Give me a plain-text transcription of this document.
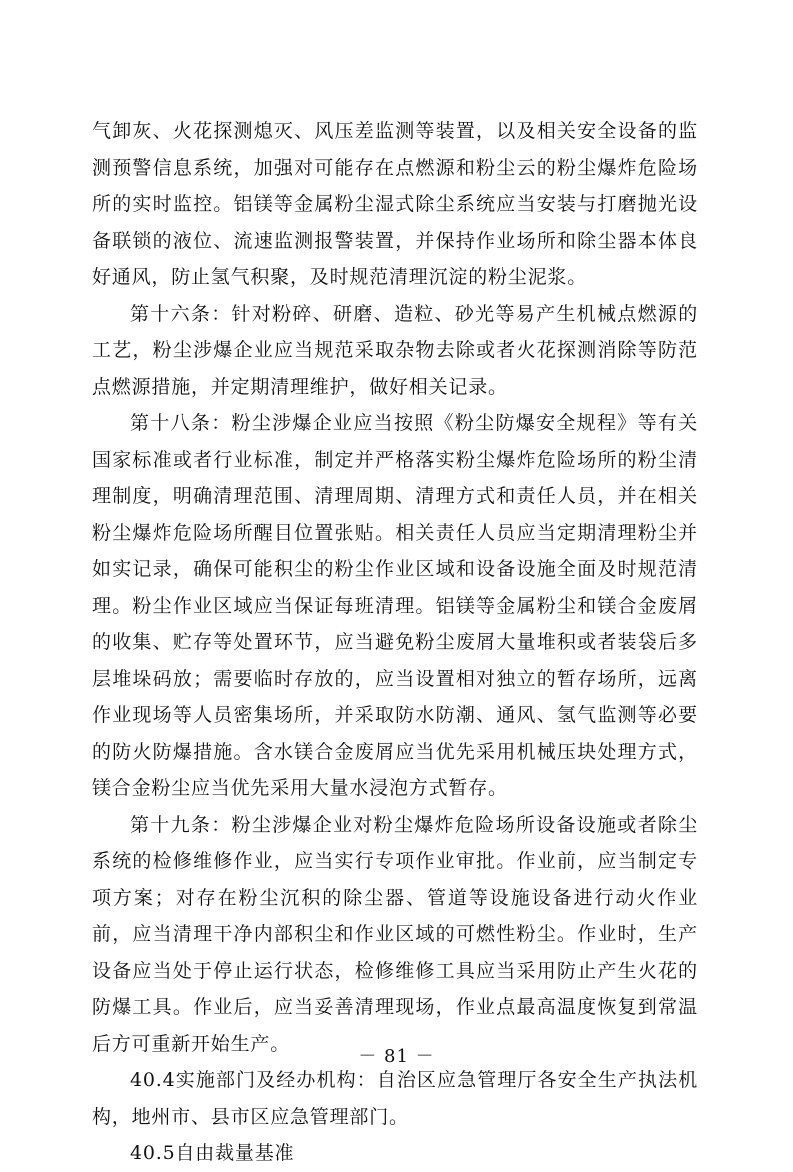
气卸灰、火花探测熄灭、风压差监测等装置，以及相关安全设备的监测预警信息系统，加强对可能存在点燃源和粉尘云的粉尘爆炸危险场所的实时监控。铝镁等金属粉尘湿式除尘系统应当安装与打磨抛光设备联锁的液位、流速监测报警装置，并保持作业场所和除尘器本体良好通风，防止氢气积聚，及时规范清理沉淀的粉尘泥浆。

第十六条：针对粉碎、研磨、造粒、砂光等易产生机械点燃源的工艺，粉尘涉爆企业应当规范采取杂物去除或者火花探测消除等防范点燃源措施，并定期清理维护，做好相关记录。

第十八条：粉尘涉爆企业应当按照《粉尘防爆安全规程》等有关国家标准或者行业标准，制定并严格落实粉尘爆炸危险场所的粉尘清理制度，明确清理范围、清理周期、清理方式和责任人员，并在相关粉尘爆炸危险场所醒目位置张贴。相关责任人员应当定期清理粉尘并如实记录，确保可能积尘的粉尘作业区域和设备设施全面及时规范清理。粉尘作业区域应当保证每班清理。铝镁等金属粉尘和镁合金废屑的收集、贮存等处置环节，应当避免粉尘废屑大量堆积或者装袋后多层堆垛码放；需要临时存放的，应当设置相对独立的暂存场所，远离作业现场等人员密集场所，并采取防水防潮、通风、氢气监测等必要的防火防爆措施。含水镁合金废屑应当优先采用机械压块处理方式，镁合金粉尘应当优先采用大量水浸泡方式暂存。

第十九条：粉尘涉爆企业对粉尘爆炸危险场所设备设施或者除尘系统的检修维修作业，应当实行专项作业审批。作业前，应当制定专项方案；对存在粉尘沉积的除尘器、管道等设施设备进行动火作业前，应当清理干净内部积尘和作业区域的可燃性粉尘。作业时，生产设备应当处于停止运行状态，检修维修工具应当采用防止产生火花的防爆工具。作业后，应当妥善清理现场，作业点最高温度恢复到常温后方可重新开始生产。

40.4实施部门及经办机构：自治区应急管理厅各安全生产执法机构，地州市、县市区应急管理部门。

40.5自由裁量基准

－ 81 －
